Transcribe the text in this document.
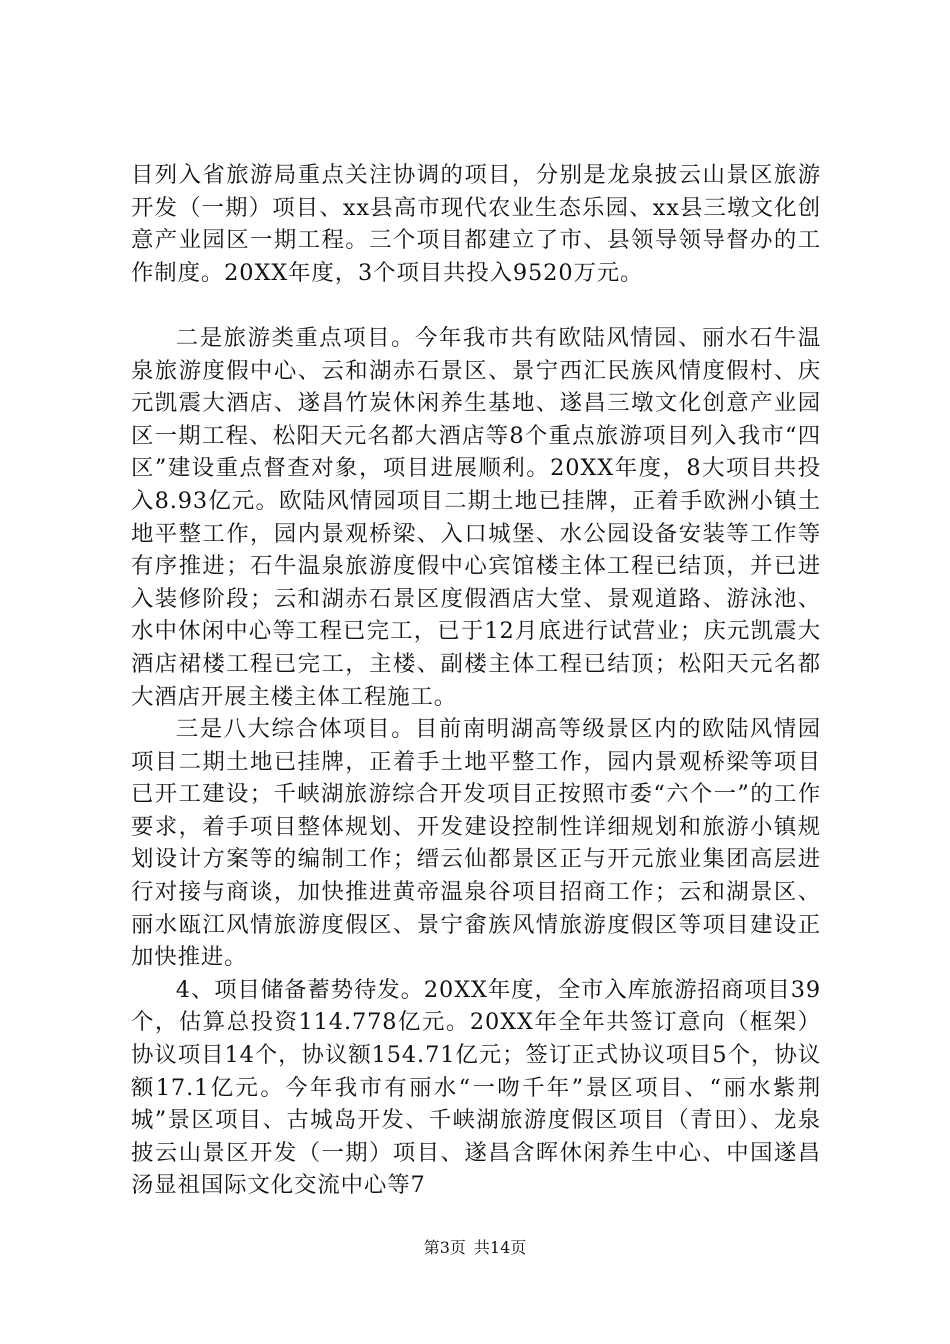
目列入省旅游局重点关注协调的项目，分别是龙泉披云山景区旅游开发（一期）项目、xx县高市现代农业生态乐园、xx县三墩文化创意产业园区一期工程。三个项目都建立了市、县领导领导督办的工作制度。20XX年度，3个项目共投入9520万元。

二是旅游类重点项目。今年我市共有欧陆风情园、丽水石牛温泉旅游度假中心、云和湖赤石景区、景宁西汇民族风情度假村、庆元凯震大酒店、遂昌竹炭休闲养生基地、遂昌三墩文化创意产业园区一期工程、松阳天元名都大酒店等8个重点旅游项目列入我市“四区”建设重点督查对象，项目进展顺利。20XX年度，8大项目共投入8.93亿元。欧陆风情园项目二期土地已挂牌，正着手欧洲小镇土地平整工作，园内景观桥梁、入口城堡、水公园设备安装等工作等有序推进；石牛温泉旅游度假中心宾馆楼主体工程已结顶，并已进入装修阶段；云和湖赤石景区度假酒店大堂、景观道路、游泳池、水中休闲中心等工程已完工，已于12月底进行试营业；庆元凯震大酒店裙楼工程已完工，主楼、副楼主体工程已结顶；松阳天元名都大酒店开展主楼主体工程施工。

三是八大综合体项目。目前南明湖高等级景区内的欧陆风情园项目二期土地已挂牌，正着手土地平整工作，园内景观桥梁等项目已开工建设；千峡湖旅游综合开发项目正按照市委“六个一”的工作要求，着手项目整体规划、开发建设控制性详细规划和旅游小镇规划设计方案等的编制工作；缙云仙都景区正与开元旅业集团高层进行对接与商谈，加快推进黄帝温泉谷项目招商工作；云和湖景区、丽水瓯江风情旅游度假区、景宁畲族风情旅游度假区等项目建设正加快推进。

4、项目储备蓄势待发。20XX年度，全市入库旅游招商项目39个，估算总投资114.778亿元。20XX年全年共签订意向（框架）协议项目14个，协议额154.71亿元；签订正式协议项目5个，协议额17.1亿元。今年我市有丽水“一吻千年”景区项目、“丽水紫荆城”景区项目、古城岛开发、千峡湖旅游度假区项目（青田）、龙泉披云山景区开发（一期）项目、遂昌含晖休闲养生中心、中国遂昌汤显祖国际文化交流中心等7

第3页 共14页
